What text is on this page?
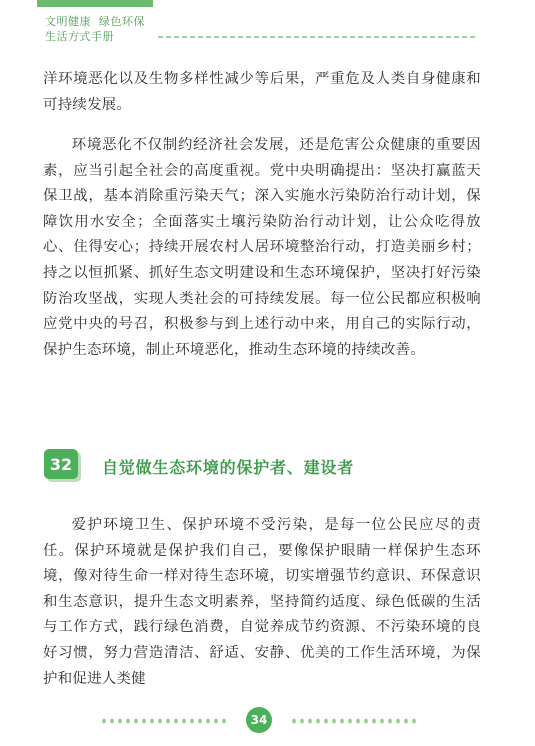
文明健康  绿色环保
生活方式手册

洋环境恶化以及生物多样性减少等后果，严重危及人类自身健康和可持续发展。

环境恶化不仅制约经济社会发展，还是危害公众健康的重要因素，应当引起全社会的高度重视。党中央明确提出：坚决打赢蓝天保卫战，基本消除重污染天气；深入实施水污染防治行动计划，保障饮用水安全；全面落实土壤污染防治行动计划，让公众吃得放心、住得安心；持续开展农村人居环境整治行动，打造美丽乡村；持之以恒抓紧、抓好生态文明建设和生态环境保护，坚决打好污染防治攻坚战，实现人类社会的可持续发展。每一位公民都应积极响应党中央的号召，积极参与到上述行动中来，用自己的实际行动，保护生态环境，制止环境恶化，推动生态环境的持续改善。

32	自觉做生态环境的保护者、建设者

爱护环境卫生、保护环境不受污染，是每一位公民应尽的责任。保护环境就是保护我们自己，要像保护眼睛一样保护生态环境，像对待生命一样对待生态环境，切实增强节约意识、环保意识和生态意识，提升生态文明素养，坚持简约适度、绿色低碳的生活与工作方式，践行绿色消费，自觉养成节约资源、不污染环境的良好习惯，努力营造清洁、舒适、安静、优美的工作生活环境，为保护和促进人类健

34
